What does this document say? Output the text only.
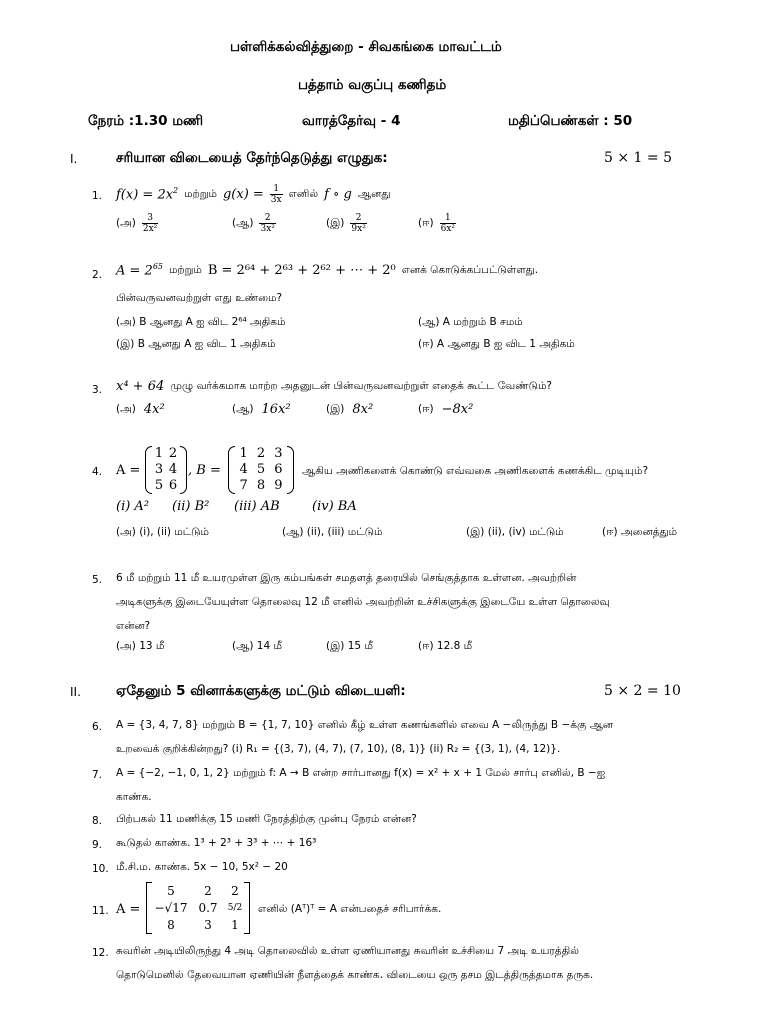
பள்ளிக்கல்வித்துறை - சிவகங்கை மாவட்டம்
பத்தாம் வகுப்பு கணிதம்
நேரம் :1.30 மணி	வாரத்தேர்வு - 4	மதிப்பெண்கள் : 50
I.	சரியான விடையைத் தேர்ந்தெடுத்து எழுதுக:	5 × 1 = 5
1. $f(x) = 2x^2$ மற்றும் $g(x) = \frac{1}{3x}$ எனில் f ∘ g ஆனது
(அ) $\frac{3}{\text{2x²}}$	(ஆ) $\frac{2}{\text{3x²}}$	(இ) $\frac{2}{\text{9x²}}$	(ஈ) $\frac{1}{\text{6x²}}$
2. $A = 2^{65}$ மற்றும் B = 2⁶⁴ + 2⁶³ + 2⁶² + ⋯ + 2⁰ எனக் கொடுக்கப்பட்டுள்ளது.
பின்வருவனவற்றுள் எது உண்மை?
(அ) B ஆனது A ஐ விட 2⁶⁴ அதிகம்	(ஆ) A மற்றும் B சமம்
(இ) B ஆனது A ஐ விட 1 அதிகம்	(ஈ) A ஆனது B ஐ விட 1 அதிகம்
3. x⁴ + 64 முழு வர்க்கமாக மாற்ற அதனுடன் பின்வருவனவற்றுள் எதைக் கூட்ட வேண்டும்?
(அ) 4x²	(ஆ) 16x²	(இ) 8x²	(ஈ) −8x²
4. A =
1 2
3 4
5 6
, B =
1 2 3
4 5 6
7 8 9
ஆகிய அணிகளைக் கொண்டு எவ்வகை அணிகளைக் கணக்கிட முடியும்?
(i) A² (ii) B² (iii) AB (iv) BA
(அ) (i), (ii) மட்டும்	(ஆ) (ii), (iii) மட்டும்	(இ) (ii), (iv) மட்டும்	(ஈ) அனைத்தும்
5. 6 மீ மற்றும் 11 மீ உயரமுள்ள இரு கம்பங்கள் சமதளத் தரையில் செங்குத்தாக உள்ளன. அவற்றின்
அடிகளுக்கு இடையேயுள்ள தொலைவு 12 மீ எனில் அவற்றின் உச்சிகளுக்கு இடையே உள்ள தொலைவு
என்ன?
(அ) 13 மீ	(ஆ) 14 மீ	(இ) 15 மீ	(ஈ) 12.8 மீ
II.	ஏதேனும் 5 வினாக்களுக்கு மட்டும் விடையளி:	5 × 2 = 10
6. A = {3, 4, 7, 8} மற்றும் B = {1, 7, 10} எனில் கீழ் உள்ள கணங்களில் எவை A −லிருந்து B −க்கு ஆன
உறவைக் குறிக்கின்றது? (i) R₁ = {(3, 7), (4, 7), (7, 10), (8, 1)} (ii) R₂ = {(3, 1), (4, 12)}.
7. A = {−2, −1, 0, 1, 2} மற்றும் f: A → B என்ற சார்பானது f(x) = x² + x + 1 மேல் சார்பு எனில், B −ஐ
காண்க.
8. பிற்பகல் 11 மணிக்கு 15 மணி நேரத்திற்கு முன்பு நேரம் என்ன?
9. கூடுதல் காண்க. 1³ + 2³ + 3³ + ⋯ + 16³
10. மீ.சி.ம. காண்க. 5x − 10, 5x² − 20
11. A =
5	2	2
−√17 0.7	5/2
8	3	1
எனில் (Aᵀ)ᵀ = A என்பதைச் சரிபார்க்க.
12. சுவரின் அடியிலிருந்து 4 அடி தொலைவில் உள்ள ஏணியானது சுவரின் உச்சியை 7 அடி உயரத்தில்
தொடுமெனில் தேவையான ஏணியின் நீளத்தைக் காண்க. விடையை ஒரு தசம இடத்திருத்தமாக தருக.
